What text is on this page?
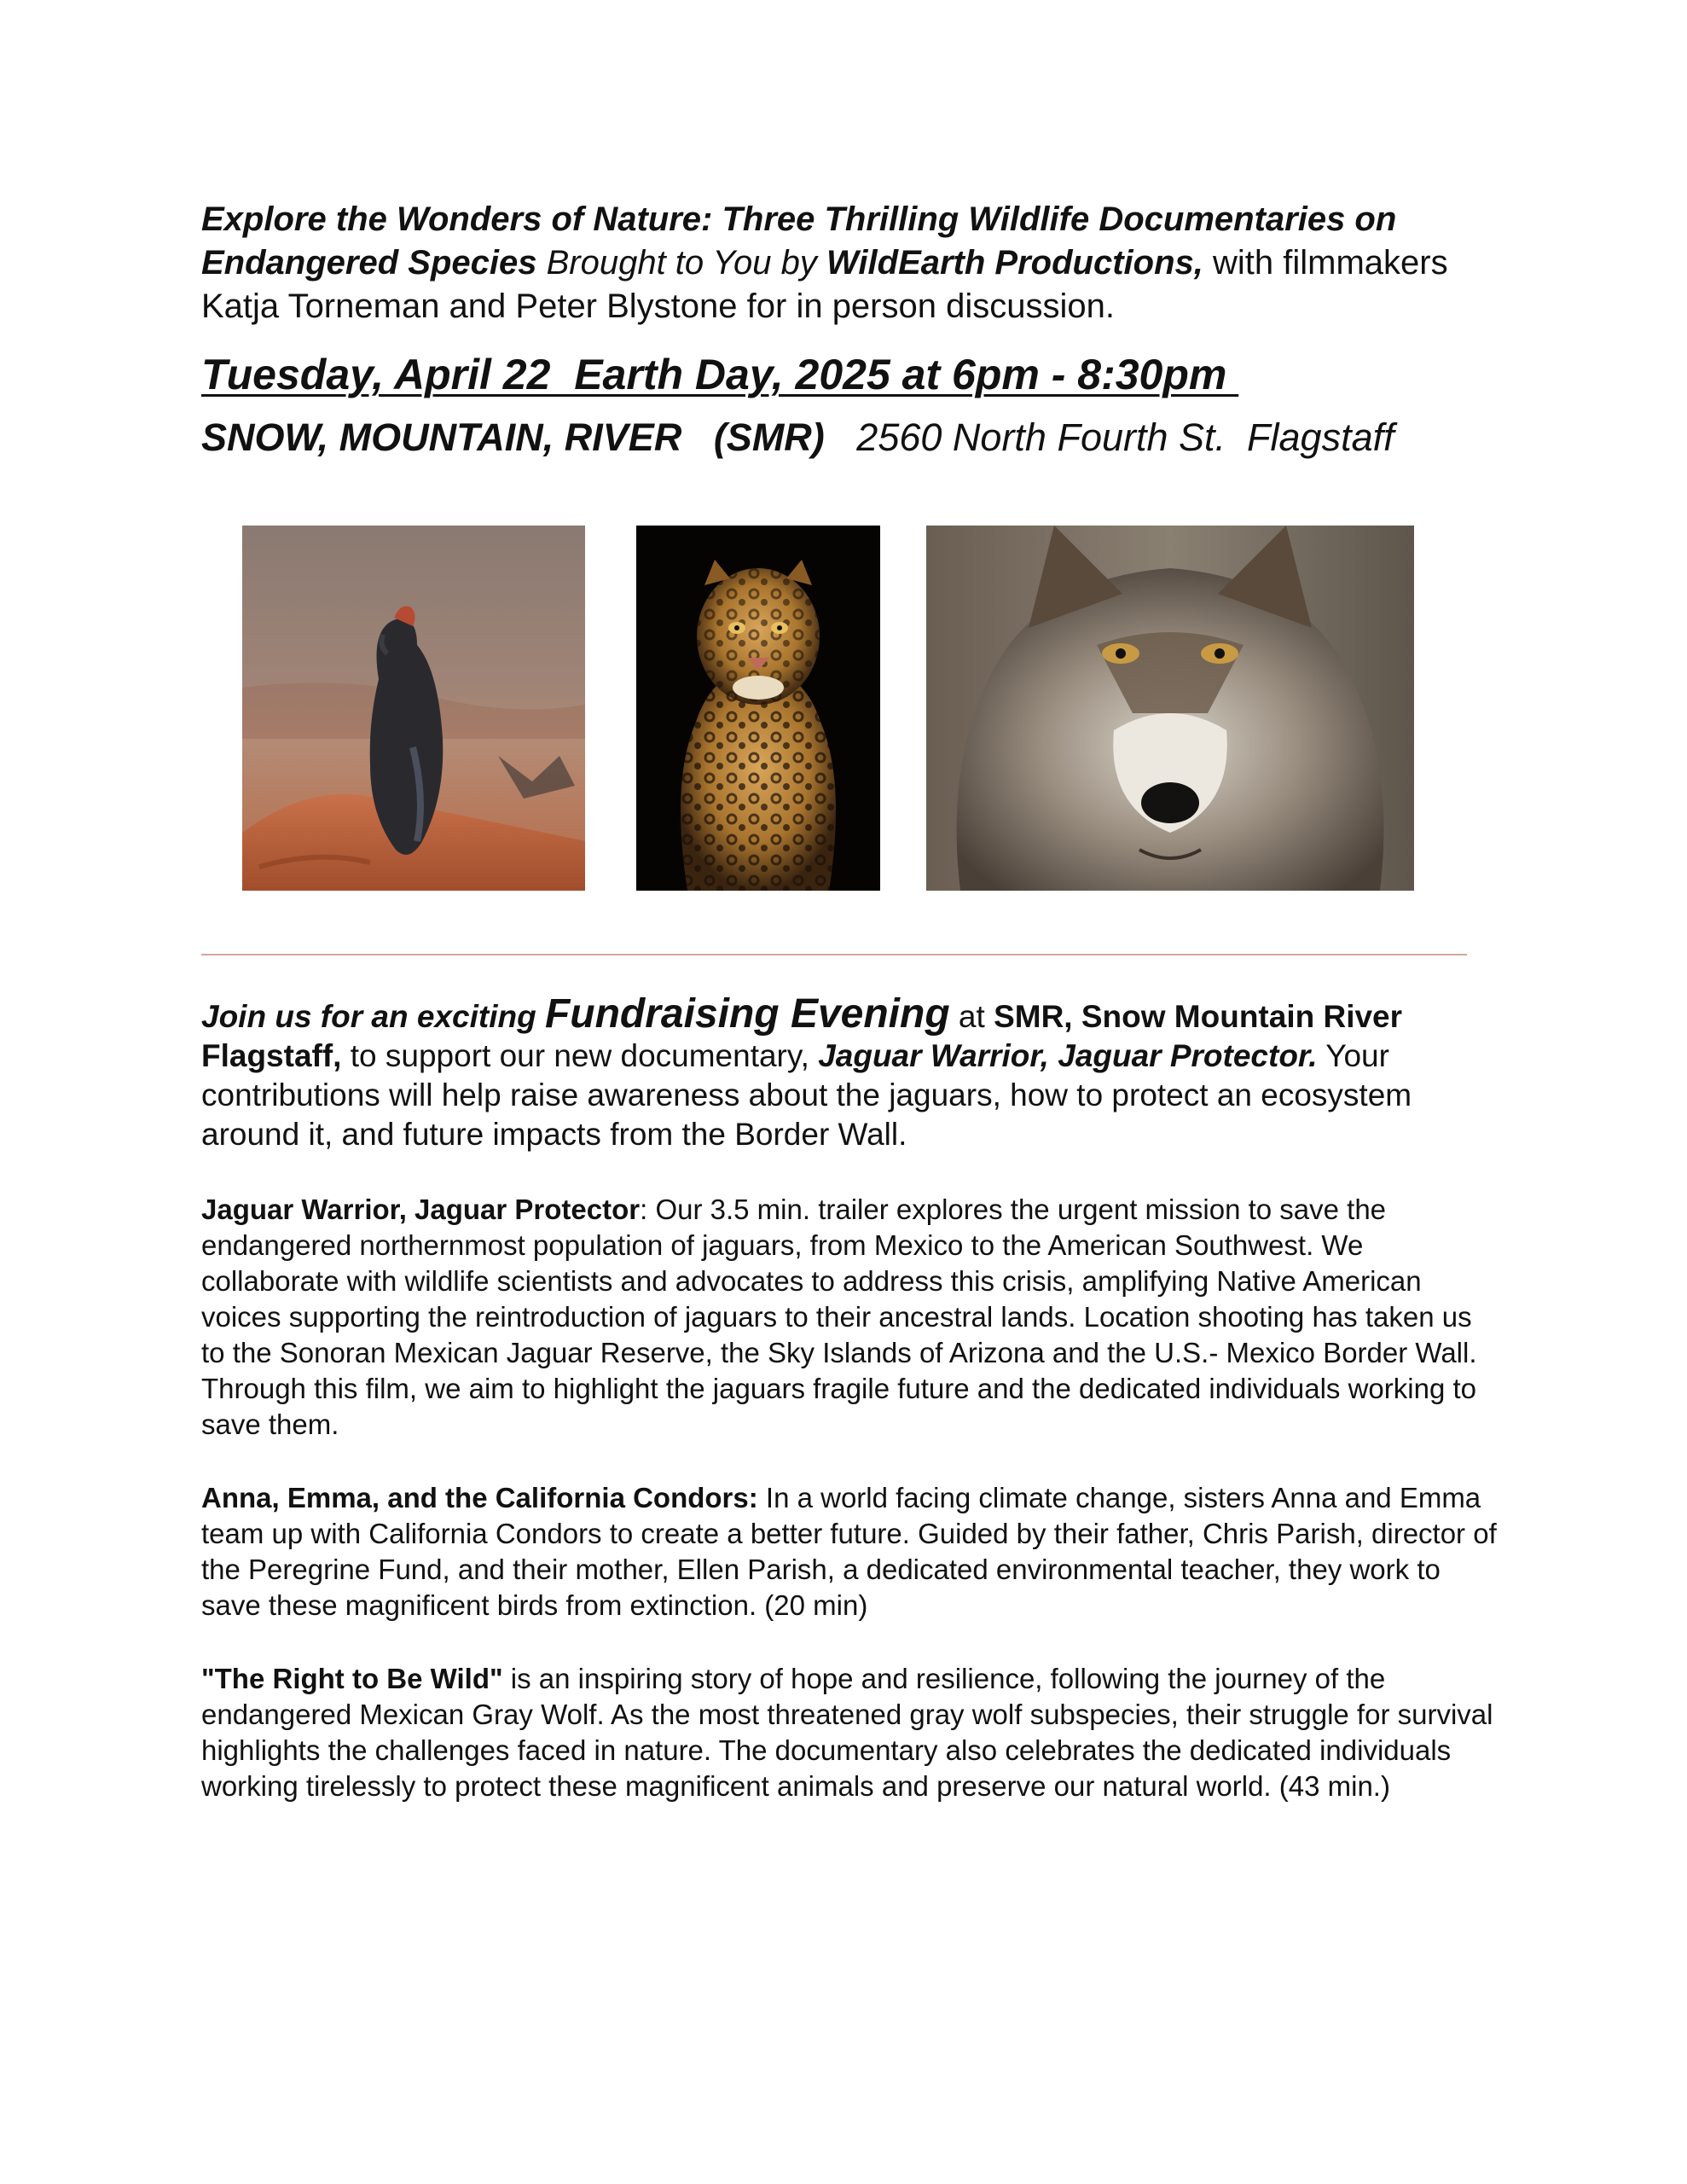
Explore the Wonders of Nature: Three Thrilling Wildlife Documentaries on Endangered Species Brought to You by WildEarth Productions, with filmmakers Katja Torneman and Peter Blystone for in person discussion.
Tuesday, April 22  Earth Day, 2025 at 6pm - 8:30pm
SNOW, MOUNTAIN, RIVER   (SMR)   2560 North Fourth St.  Flagstaff
Join us for an exciting Fundraising Evening at SMR, Snow Mountain River Flagstaff, to support our new documentary, Jaguar Warrior, Jaguar Protector. Your contributions will help raise awareness about the jaguars, how to protect an ecosystem around it, and future impacts from the Border Wall.
Jaguar Warrior, Jaguar Protector: Our 3.5 min. trailer explores the urgent mission to save the endangered northernmost population of jaguars, from Mexico to the American Southwest. We collaborate with wildlife scientists and advocates to address this crisis, amplifying Native American voices supporting the reintroduction of jaguars to their ancestral lands. Location shooting has taken us to the Sonoran Mexican Jaguar Reserve, the Sky Islands of Arizona and the U.S.- Mexico Border Wall. Through this film, we aim to highlight the jaguars fragile future and the dedicated individuals working to save them.
Anna, Emma, and the California Condors: In a world facing climate change, sisters Anna and Emma team up with California Condors to create a better future. Guided by their father, Chris Parish, director of the Peregrine Fund, and their mother, Ellen Parish, a dedicated environmental teacher, they work to save these magnificent birds from extinction. (20 min)
"The Right to Be Wild" is an inspiring story of hope and resilience, following the journey of the endangered Mexican Gray Wolf. As the most threatened gray wolf subspecies, their struggle for survival highlights the challenges faced in nature. The documentary also celebrates the dedicated individuals working tirelessly to protect these magnificent animals and preserve our natural world. (43 min.)
